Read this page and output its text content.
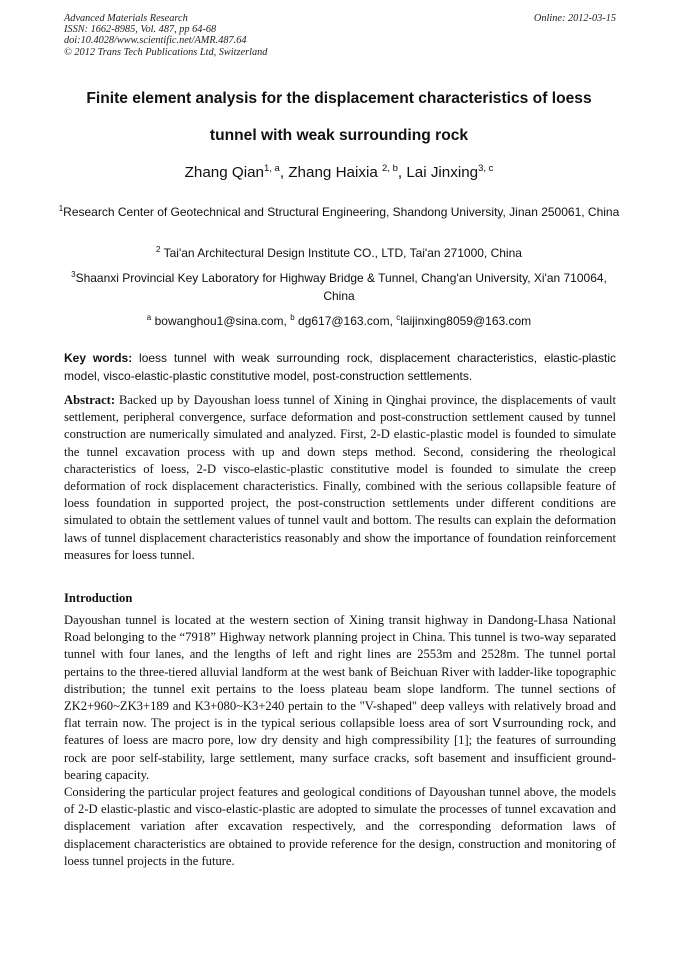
Advanced Materials Research	Online: 2012-03-15
ISSN: 1662-8985, Vol. 487, pp 64-68
doi:10.4028/www.scientific.net/AMR.487.64
© 2012 Trans Tech Publications Ltd, Switzerland
Finite element analysis for the displacement characteristics of loess
tunnel with weak surrounding rock
Zhang Qian$^{1, a}$, Zhang Haixia $^{2, b}$, Lai Jinxing$^{3, c}$
$^1$Research Center of Geotechnical and Structural Engineering, Shandong University, Jinan 250061, China
$^2$ Tai'an Architectural Design Institute CO., LTD, Tai'an 271000, China
$^3$Shaanxi Provincial Key Laboratory for Highway Bridge & Tunnel, Chang'an University, Xi'an 710064, China
$^a$ bowanghou1@sina.com, $^b$ dg617@163.com, $^c$laijinxing8059@163.com
Key words: loess tunnel with weak surrounding rock, displacement characteristics, elastic-plastic model, visco-elastic-plastic constitutive model, post-construction settlements.
Abstract: Backed up by Dayoushan loess tunnel of Xining in Qinghai province, the displacements of vault settlement, peripheral convergence, surface deformation and post-construction settlement caused by tunnel construction are numerically simulated and analyzed. First, 2-D elastic-plastic model is founded to simulate the tunnel excavation process with up and down steps method. Second, considering the rheological characteristics of loess, 2-D visco-elastic-plastic constitutive model is founded to simulate the creep deformation of rock displacement characteristics. Finally, combined with the serious collapsible feature of loess foundation in supported project, the post-construction settlements under different conditions are simulated to obtain the settlement values of tunnel vault and bottom. The results can explain the deformation laws of tunnel displacement characteristics reasonably and show the importance of foundation reinforcement measures for loess tunnel.
Introduction

Dayoushan tunnel is located at the western section of Xining transit highway in Dandong-Lhasa National Road belonging to the “7918” Highway network planning project in China. This tunnel is two-way separated tunnel with four lanes, and the lengths of left and right lines are 2553m and 2528m. The tunnel portal pertains to the three-tiered alluvial landform at the west bank of Beichuan River with ladder-like topographic distribution; the tunnel exit pertains to the loess plateau beam slope landform. The tunnel sections of ZK2+960~ZK3+189 and K3+080~K3+240 pertain to the "V-shaped" deep valleys with relatively broad and flat terrain now. The project is in the typical serious collapsible loess area of sort Ⅴsurrounding rock, and features of loess are macro pore, low dry density and high compressibility [1]; the features of surrounding rock are poor self-stability, large settlement, many surface cracks, soft basement and insufficient ground-bearing capacity.

Considering the particular project features and geological conditions of Dayoushan tunnel above, the models of 2-D elastic-plastic and visco-elastic-plastic are adopted to simulate the processes of tunnel excavation and displacement variation after excavation respectively, and the corresponding deformation laws of displacement characteristics are obtained to provide reference for the design, construction and monitoring of loess tunnel projects in the future.
